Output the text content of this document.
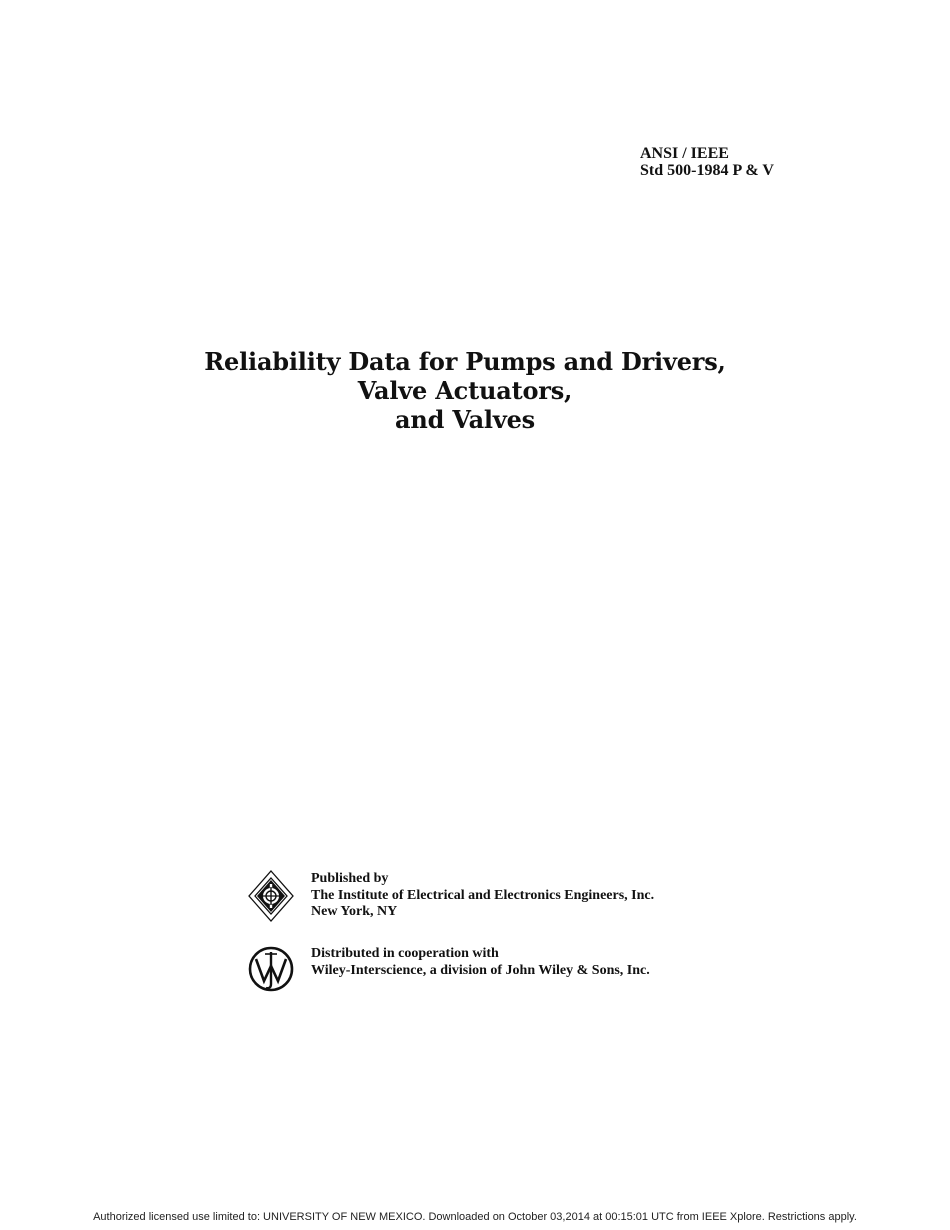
ANSI / IEEE
Std 500-1984 P & V
Reliability Data for Pumps and Drivers,
Valve Actuators,
and Valves
Published by
The Institute of Electrical and Electronics Engineers, Inc.
New York, NY
Distributed in cooperation with
Wiley-Interscience, a division of John Wiley & Sons, Inc.
Authorized licensed use limited to: UNIVERSITY OF NEW MEXICO. Downloaded on October 03,2014 at 00:15:01 UTC from IEEE Xplore. Restrictions apply.
